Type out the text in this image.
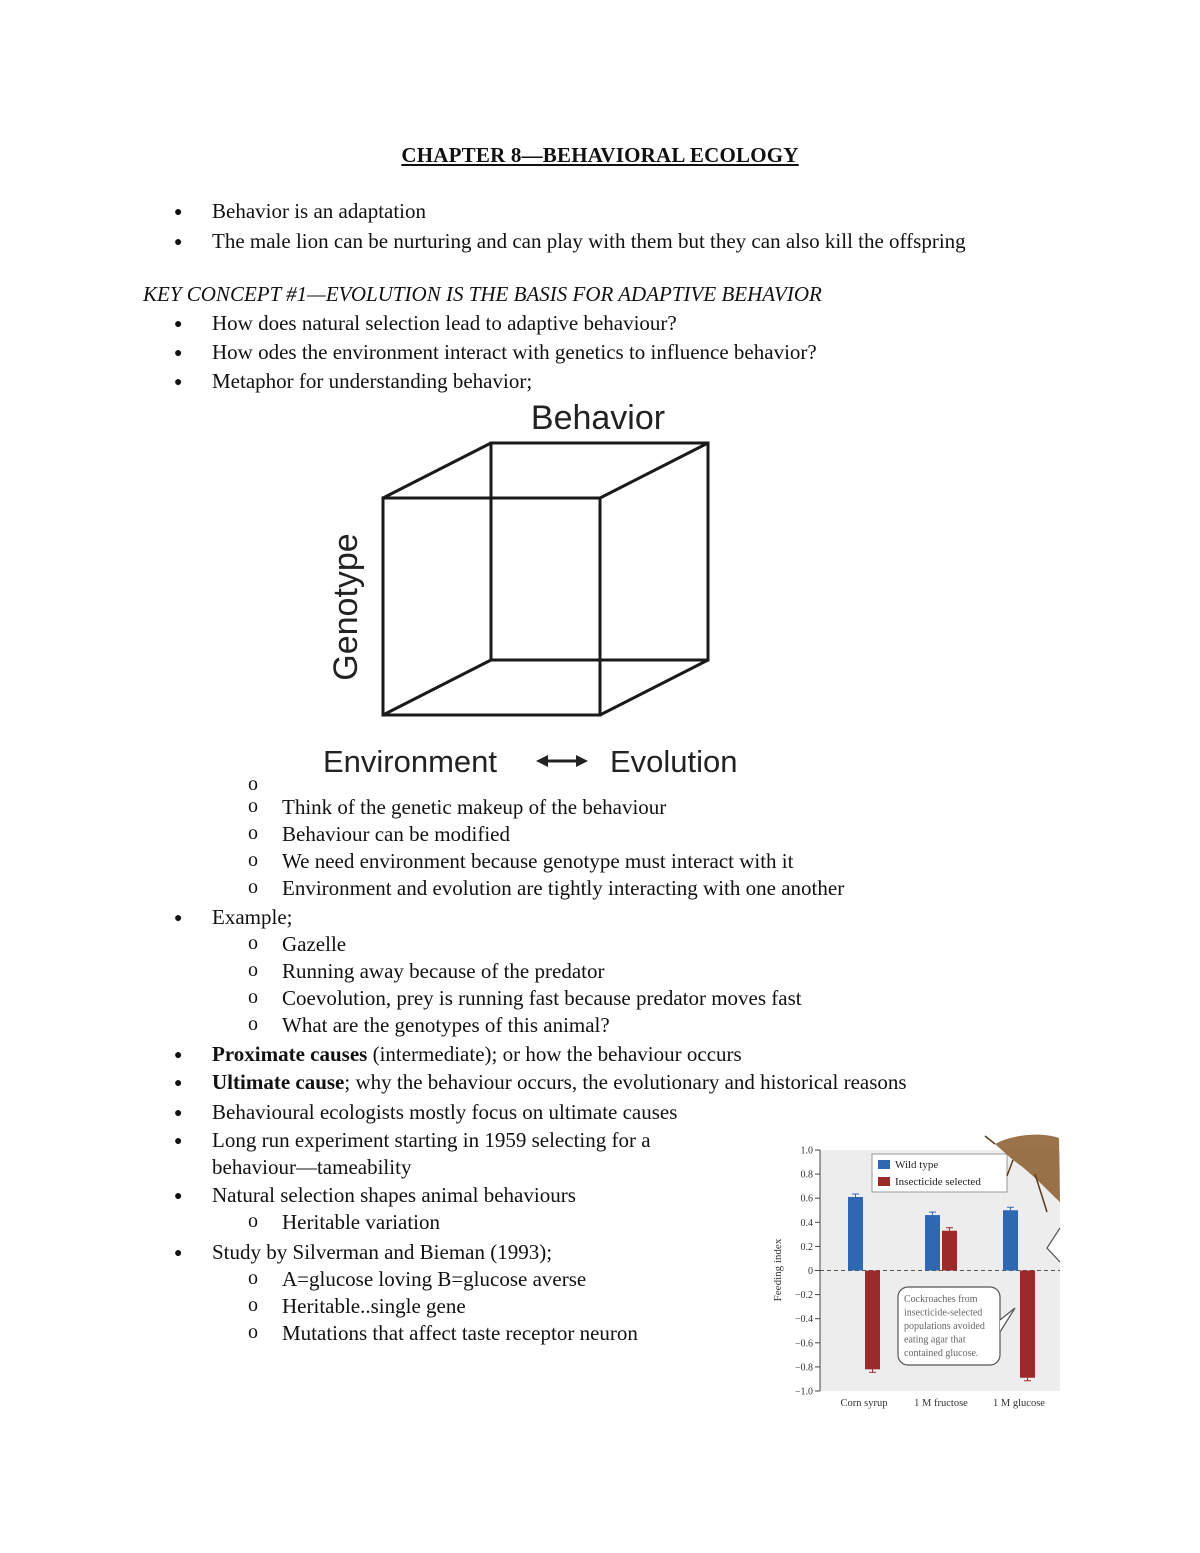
CHAPTER 8—BEHAVIORAL ECOLOGY
● Behavior is an adaptation
● The male lion can be nurturing and can play with them but they can also kill the offspring
KEY CONCEPT #1—EVOLUTION IS THE BASIS FOR ADAPTIVE BEHAVIOR
● How does natural selection lead to adaptive behaviour?
● How odes the environment interact with genetics to influence behavior?
● Metaphor for understanding behavior;
Behavior
Genotype
Environment	Evolution
o
o Think of the genetic makeup of the behaviour
o Behaviour can be modified
o We need environment because genotype must interact with it
o Environment and evolution are tightly interacting with one another
● Example;
o Gazelle
o Running away because of the predator
o Coevolution, prey is running fast because predator moves fast
o What are the genotypes of this animal?
● Proximate causes (intermediate); or how the behaviour occurs
● Ultimate cause; why the behaviour occurs, the evolutionary and historical reasons
● Behavioural ecologists mostly focus on ultimate causes
● Long run experiment starting in 1959 selecting for a
behaviour—tameability
● Natural selection shapes animal behaviours
o Heritable variation
● Study by Silverman and Bieman (1993);
o A=glucose loving B=glucose averse
o Heritable..single gene
o Mutations that affect taste receptor neuron
Feeding index
1.0
0.8
0.6
0.4
0.2
0
−0.2
−0.4
−0.6
−0.8
−1.0
Corn syrup	1 M fructose 1 M glucose
Wild type
Insecticide selected
Cockroaches from
insecticide-selected
populations avoided
eating agar that
contained glucose.
